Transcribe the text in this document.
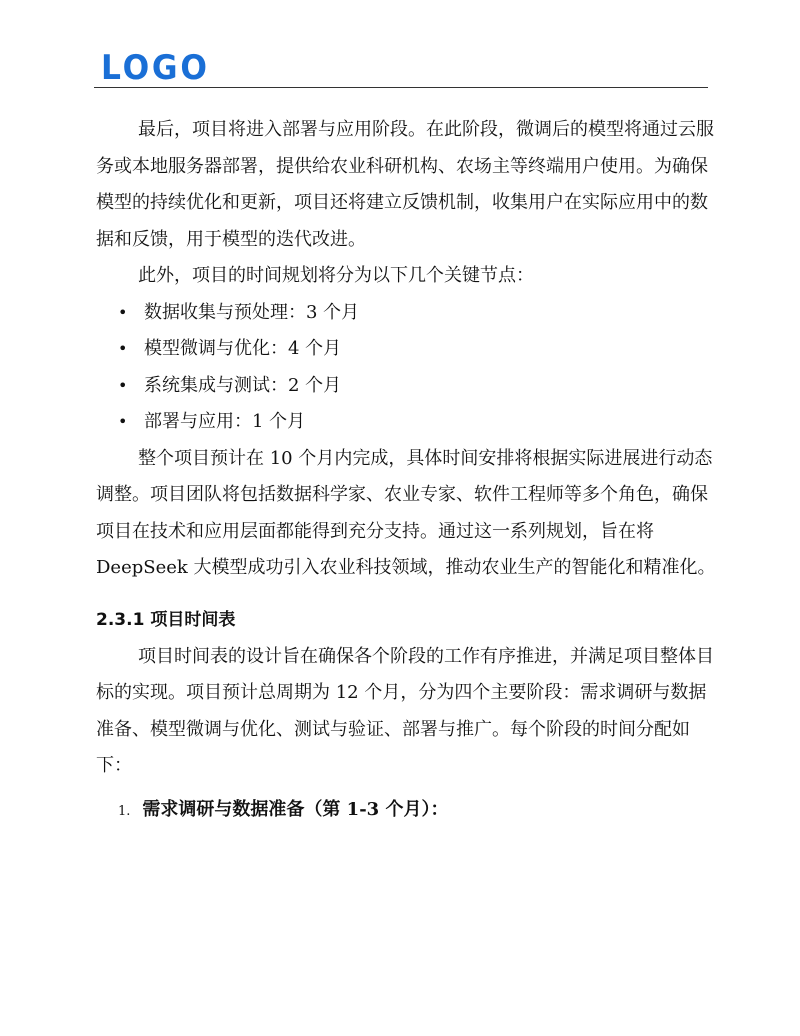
LOGO

最后，项目将进入部署与应用阶段。在此阶段，微调后的模型将通过云服务或本地服务器部署，提供给农业科研机构、农场主等终端用户使用。为确保模型的持续优化和更新，项目还将建立反馈机制，收集用户在实际应用中的数据和反馈，用于模型的迭代改进。

此外，项目的时间规划将分为以下几个关键节点：

• 数据收集与预处理：3 个月
• 模型微调与优化：4 个月
• 系统集成与测试：2 个月
• 部署与应用：1 个月

整个项目预计在 10 个月内完成，具体时间安排将根据实际进展进行动态调整。项目团队将包括数据科学家、农业专家、软件工程师等多个角色，确保项目在技术和应用层面都能得到充分支持。通过这一系列规划，旨在将 DeepSeek 大模型成功引入农业科技领域，推动农业生产的智能化和精准化。

2.3.1 项目时间表

项目时间表的设计旨在确保各个阶段的工作有序推进，并满足项目整体目标的实现。项目预计总周期为 12 个月，分为四个主要阶段：需求调研与数据准备、模型微调与优化、测试与验证、部署与推广。每个阶段的时间分配如下：

1. 需求调研与数据准备（第 1-3 个月）：
